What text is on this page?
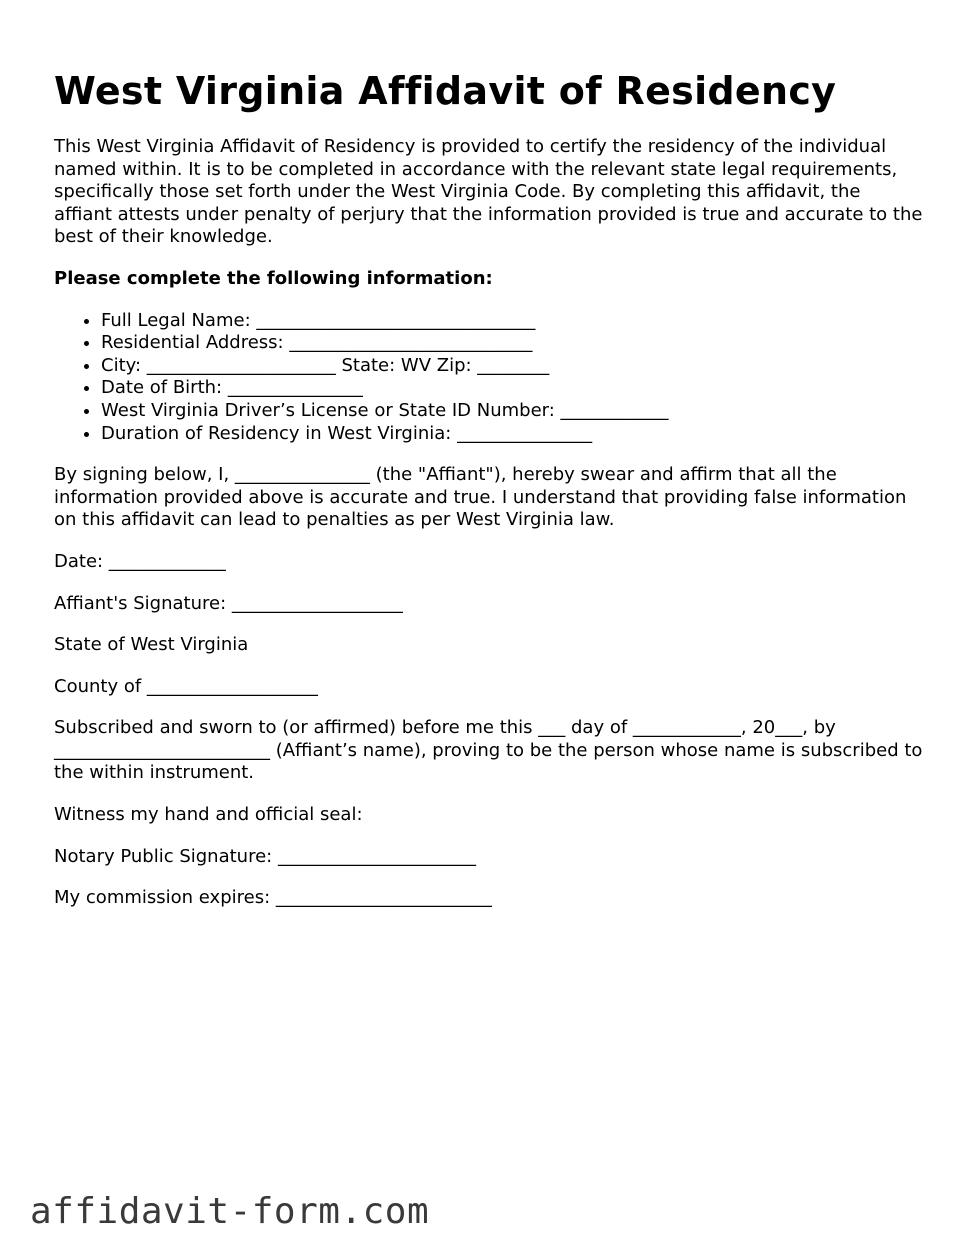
West Virginia Affidavit of Residency

This West Virginia Affidavit of Residency is provided to certify the residency of the individual named within. It is to be completed in accordance with the relevant state legal requirements, specifically those set forth under the West Virginia Code. By completing this affidavit, the affiant attests under penalty of perjury that the information provided is true and accurate to the best of their knowledge.

Please complete the following information:

• Full Legal Name: _______________________________
• Residential Address: ___________________________
• City: _____________________ State: WV Zip: ________
• Date of Birth: _______________
• West Virginia Driver’s License or State ID Number: ____________
• Duration of Residency in West Virginia: _______________

By signing below, I, _______________ (the "Affiant"), hereby swear and affirm that all the information provided above is accurate and true. I understand that providing false information on this affidavit can lead to penalties as per West Virginia law.

Date: _____________

Affiant's Signature: ___________________

State of West Virginia

County of ___________________

Subscribed and sworn to (or affirmed) before me this ___ day of ____________, 20___, by ________________________ (Affiant’s name), proving to be the person whose name is subscribed to the within instrument.

Witness my hand and official seal:

Notary Public Signature: ______________________

My commission expires: ________________________

affidavit-form.com
